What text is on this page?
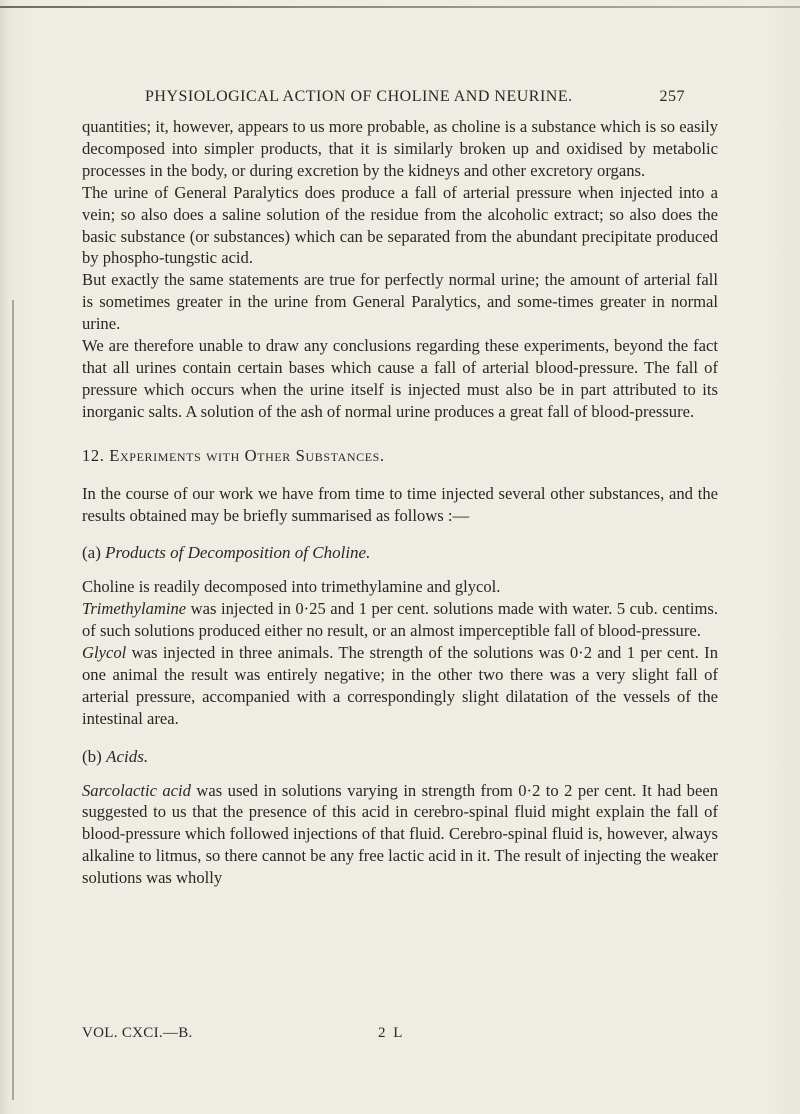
PHYSIOLOGICAL ACTION OF CHOLINE AND NEURINE.	257

quantities; it, however, appears to us more probable, as choline is a substance which is so easily decomposed into simpler products, that it is similarly broken up and oxidised by metabolic processes in the body, or during excretion by the kidneys and other excretory organs.

The urine of General Paralytics does produce a fall of arterial pressure when injected into a vein; so also does a saline solution of the residue from the alcoholic extract; so also does the basic substance (or substances) which can be separated from the abundant precipitate produced by phospho-tungstic acid.

But exactly the same statements are true for perfectly normal urine; the amount of arterial fall is sometimes greater in the urine from General Paralytics, and some-times greater in normal urine.

We are therefore unable to draw any conclusions regarding these experiments, beyond the fact that all urines contain certain bases which cause a fall of arterial blood-pressure. The fall of pressure which occurs when the urine itself is injected must also be in part attributed to its inorganic salts. A solution of the ash of normal urine produces a great fall of blood-pressure.

12. Experiments with Other Substances.

In the course of our work we have from time to time injected several other substances, and the results obtained may be briefly summarised as follows :—

(a) Products of Decomposition of Choline.

Choline is readily decomposed into trimethylamine and glycol.

Trimethylamine was injected in 0·25 and 1 per cent. solutions made with water. 5 cub. centims. of such solutions produced either no result, or an almost imperceptible fall of blood-pressure.

Glycol was injected in three animals. The strength of the solutions was 0·2 and 1 per cent. In one animal the result was entirely negative; in the other two there was a very slight fall of arterial pressure, accompanied with a correspondingly slight dilatation of the vessels of the intestinal area.

(b) Acids.

Sarcolactic acid was used in solutions varying in strength from 0·2 to 2 per cent. It had been suggested to us that the presence of this acid in cerebro-spinal fluid might explain the fall of blood-pressure which followed injections of that fluid. Cerebro-spinal fluid is, however, always alkaline to litmus, so there cannot be any free lactic acid in it. The result of injecting the weaker solutions was wholly

VOL. CXCI.—B.	2 L
